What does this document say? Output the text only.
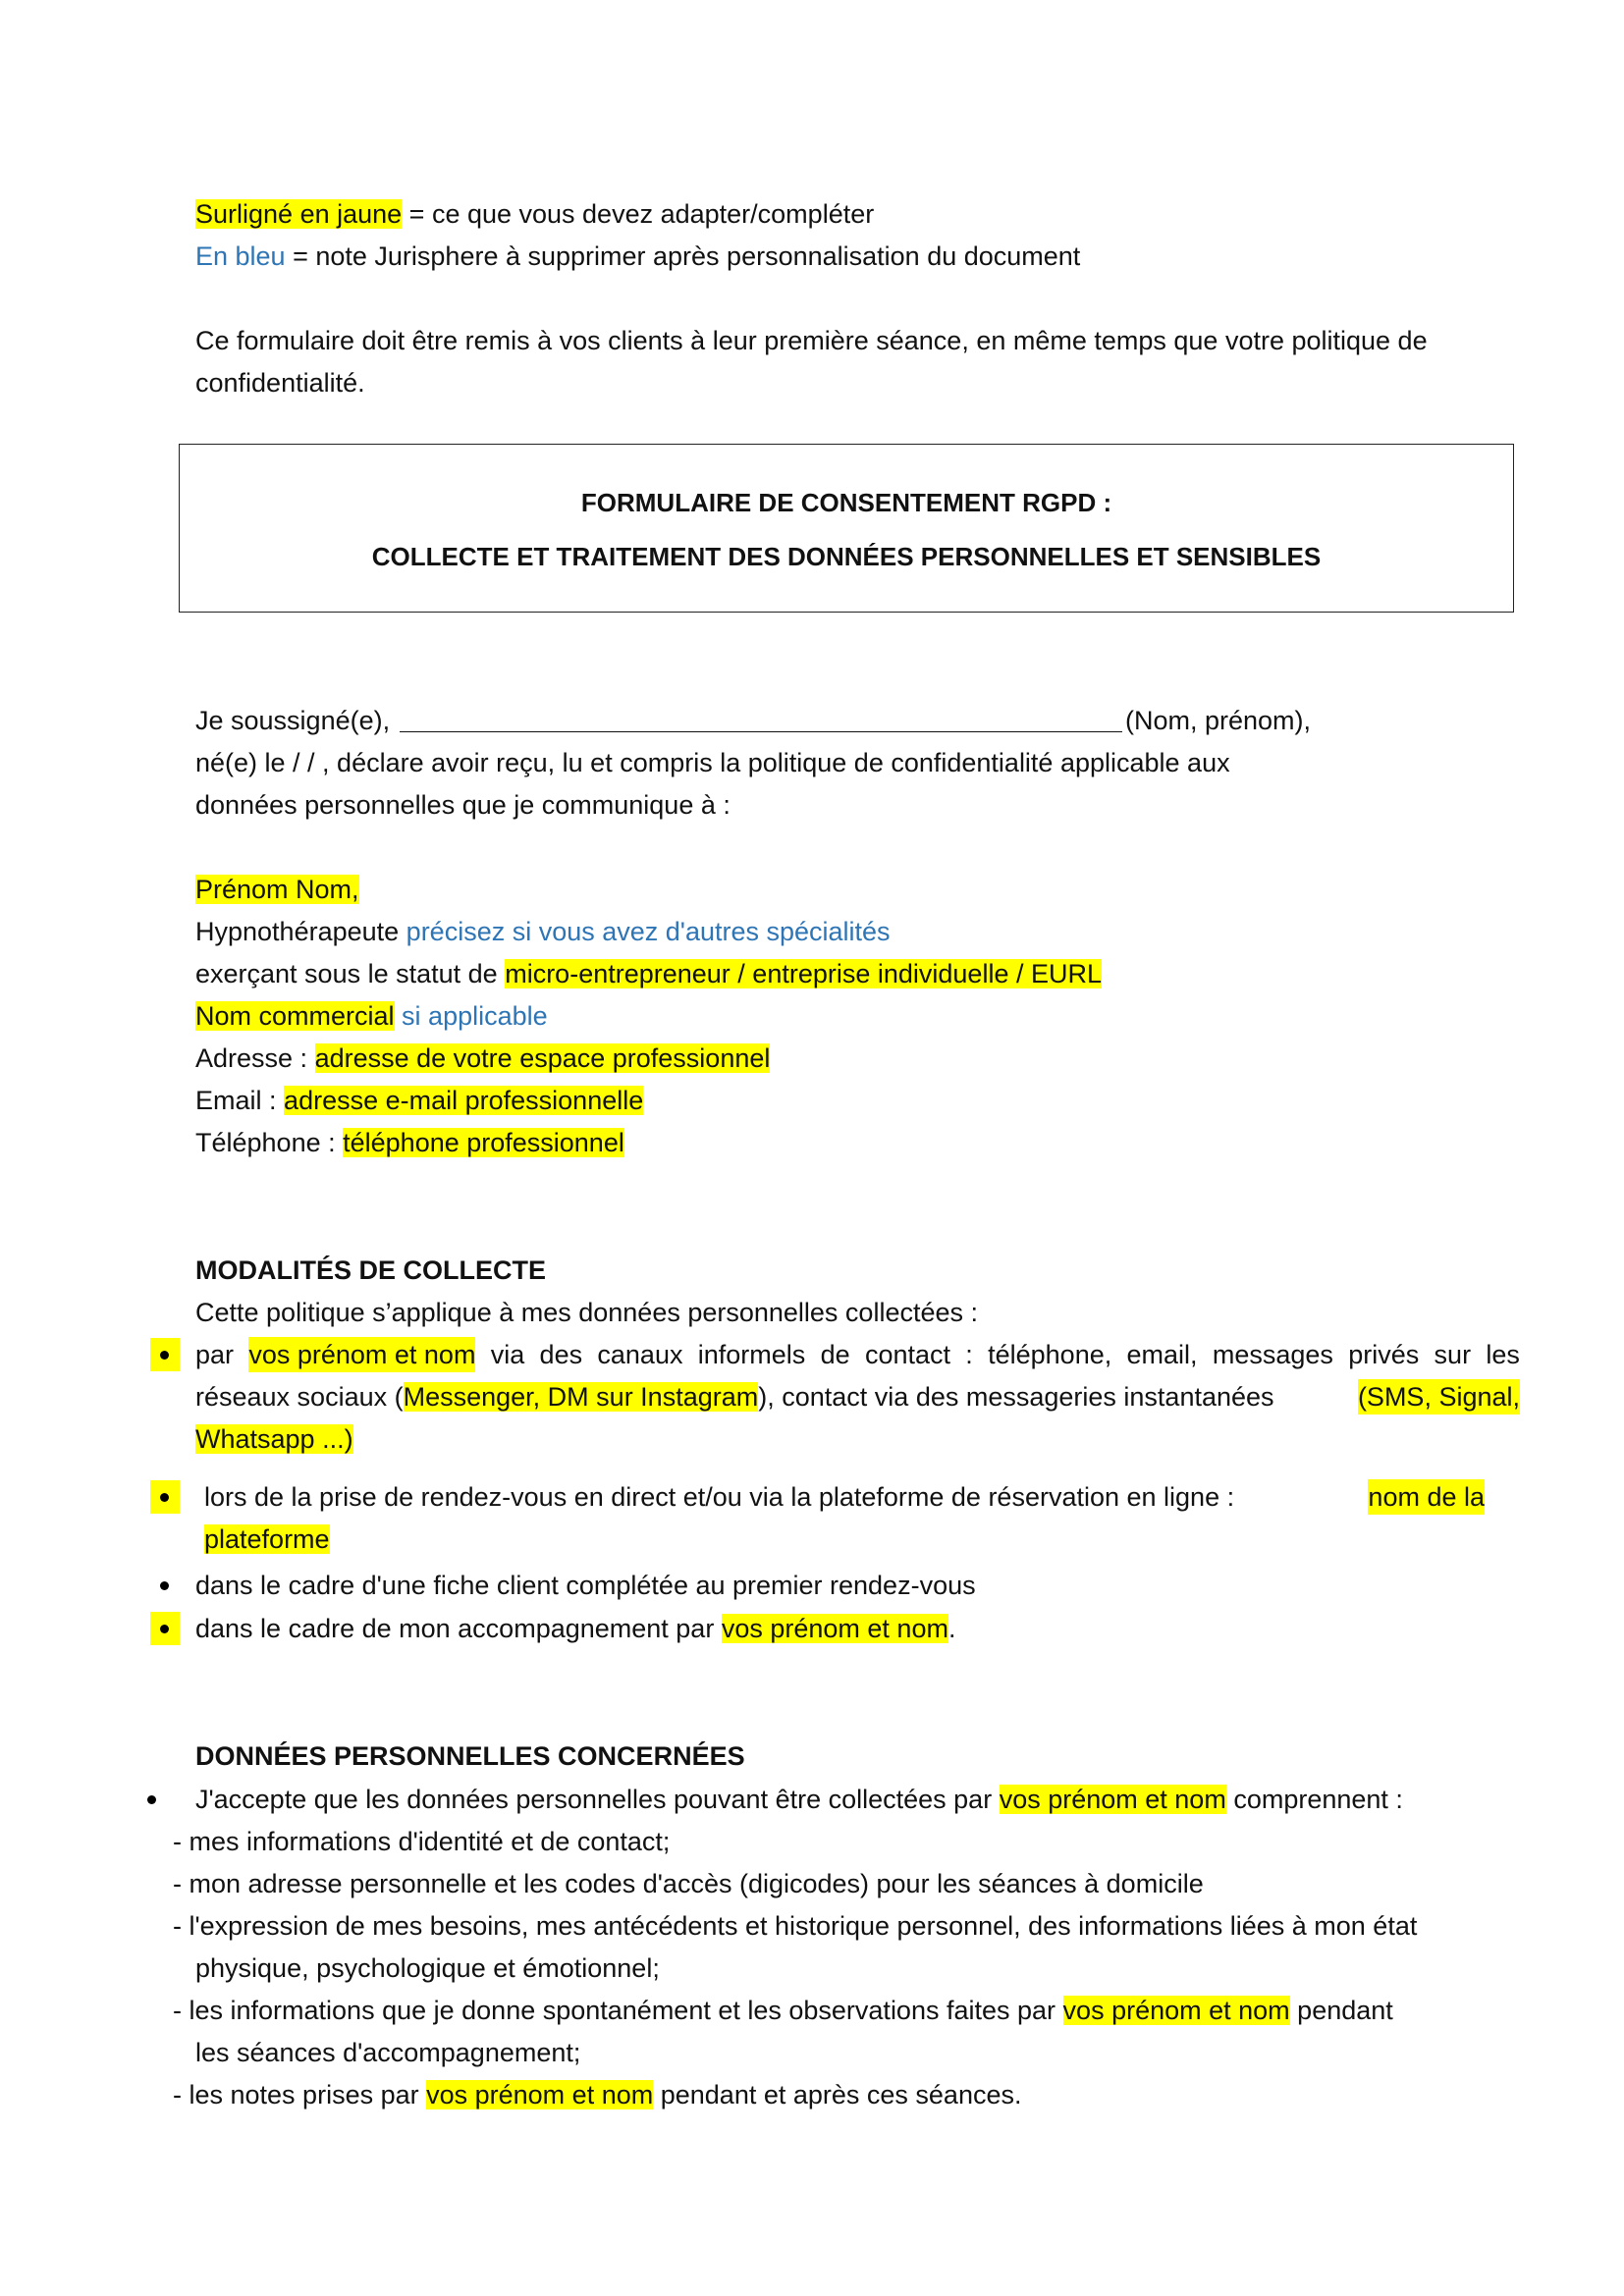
Surligné en jaune = ce que vous devez adapter/compléter
En bleu = note Jurisphere à supprimer après personnalisation du document
Ce formulaire doit être remis à vos clients à leur première séance, en même temps que votre politique de
confidentialité.
FORMULAIRE DE CONSENTEMENT RGPD :
COLLECTE ET TRAITEMENT DES DONNÉES PERSONNELLES ET SENSIBLES
Je soussigné(e),	(Nom, prénom),
né(e) le / / , déclare avoir reçu, lu et compris la politique de confidentialité applicable aux
données personnelles que je communique à :
Prénom Nom,
Hypnothérapeute précisez si vous avez d'autres spécialités
exerçant sous le statut de micro-entrepreneur / entreprise individuelle / EURL
Nom commercial si applicable
Adresse : adresse de votre espace professionnel
Email : adresse e-mail professionnelle
Téléphone : téléphone professionnel
MODALITÉS DE COLLECTE
Cette politique s’applique à mes données personnelles collectées :
par vos prénom et nom via des canaux informels de contact : téléphone, email, messages privés sur les
réseaux sociaux (Messenger, DM sur Instagram), contact via des messageries instantanées	(SMS, Signal,
Whatsapp ...)
lors de la prise de rendez-vous en direct et/ou via la plateforme de réservation en ligne :	nom de la
plateforme
dans le cadre d'une fiche client complétée au premier rendez-vous
dans le cadre de mon accompagnement par vos prénom et nom.
DONNÉES PERSONNELLES CONCERNÉES
J'accepte que les données personnelles pouvant être collectées par vos prénom et nom comprennent :
- mes informations d'identité et de contact;
- mon adresse personnelle et les codes d'accès (digicodes) pour les séances à domicile
- l'expression de mes besoins, mes antécédents et historique personnel, des informations liées à mon état
physique, psychologique et émotionnel;
- les informations que je donne spontanément et les observations faites par vos prénom et nom pendant
les séances d'accompagnement;
- les notes prises par vos prénom et nom pendant et après ces séances.
